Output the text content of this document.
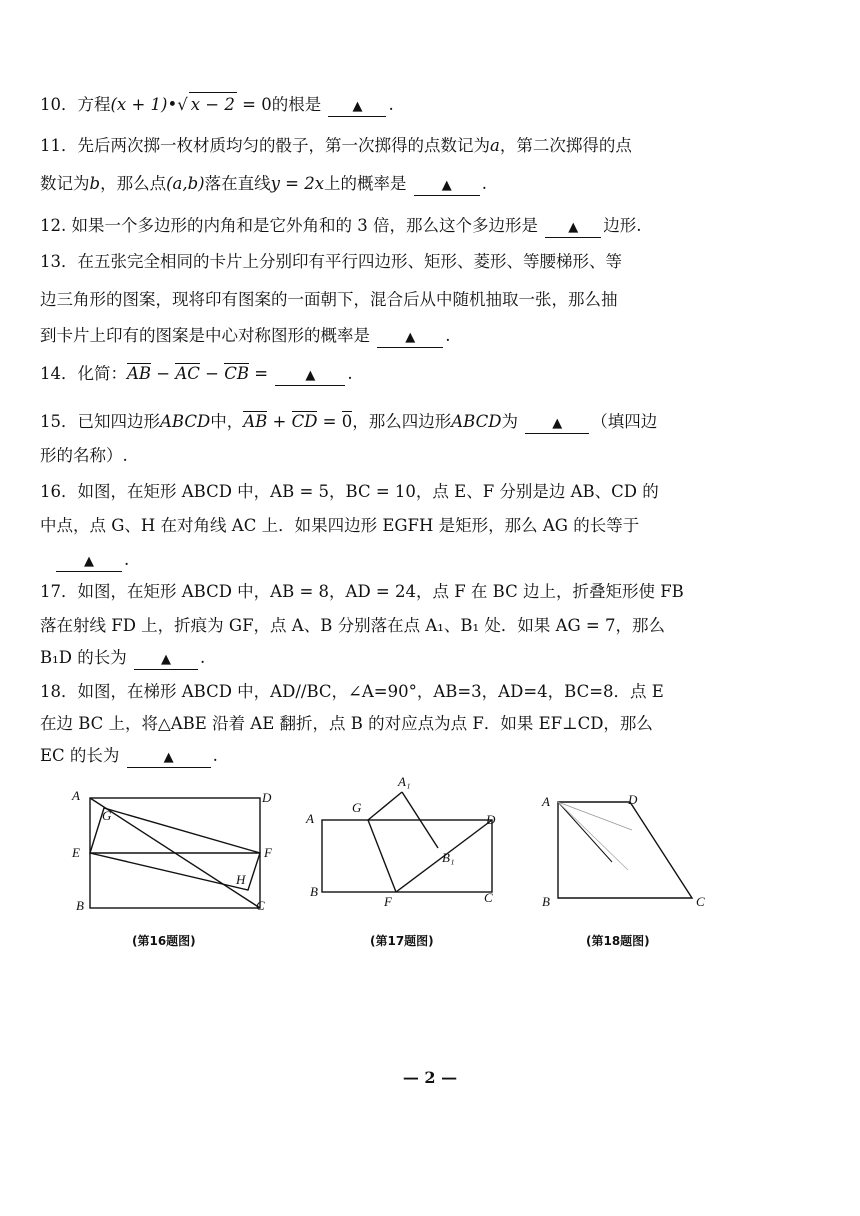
10．方程(x + 1)•√ x − 2 = 0的根是 ▲ .
11．先后两次掷一枚材质均匀的骰子，第一次掷得的点数记为a，第二次掷得的点
数记为b，那么点(a,b)落在直线y = 2x上的概率是	▲ .
12. 如果一个多边形的内角和是它外角和的 3 倍，那么这个多边形是 ▲ 边形.
13．在五张完全相同的卡片上分别印有平行四边形、矩形、菱形、等腰梯形、等
边三角形的图案，现将印有图案的一面朝下，混合后从中随机抽取一张，那么抽
到卡片上印有的图案是中心对称图形的概率是	▲ .
14．化简：AB − AC − CB = ▲ .
15．已知四边形ABCD中，AB + CD = 0，那么四边形ABCD为	▲ （填四边
形的名称）.
16．如图，在矩形 ABCD 中，AB = 5，BC = 10，点 E、F 分别是边 AB、CD 的
中点，点 G、H 在对角线 AC 上．如果四边形 EGFH 是矩形，那么 AG 的长等于
▲ .
17．如图，在矩形 ABCD 中，AB = 8，AD = 24，点 F 在 BC 边上，折叠矩形使 FB
落在射线 FD 上，折痕为 GF，点 A、B 分别落在点 A₁、B₁ 处．如果 AG = 7，那么
B₁D 的长为	▲ .
18．如图，在梯形 ABCD 中，AD//BC，∠A=90°，AB=3，AD=4，BC=8．点 E
在边 BC 上，将△ABE 沿着 AE 翻折，点 B 的对应点为点 F．如果 EF⊥CD，那么
EC 的长为	▲ .
A	D
E	F
G
H
B	C
(第16题图)
A₁
G
A	D
B₁
B
F	C
(第17题图)
A	D
B	C
(第18题图)
— 2 —
